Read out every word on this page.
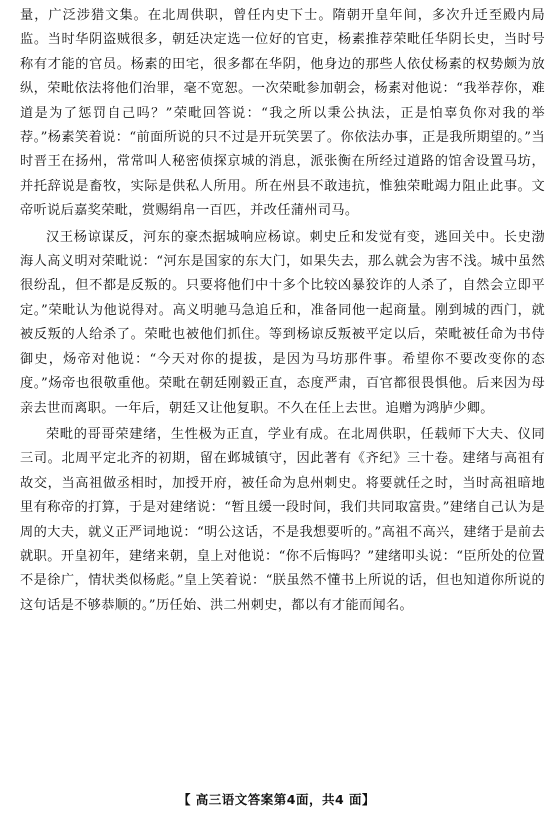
量，广泛涉猎文集。在北周供职，曾任内史下士。隋朝开皇年间，多次升迁至殿内局监。当时华阴盗贼很多，朝廷决定选一位好的官吏，杨素推荐荣毗任华阴长史，当时号称有才能的官员。杨素的田宅，很多都在华阴，他身边的那些人依仗杨素的权势颇为放纵，荣毗依法将他们治罪，毫不宽恕。一次荣毗参加朝会，杨素对他说：“我举荐你，难道是为了惩罚自己吗？”荣毗回答说：“我之所以秉公执法，正是怕辜负你对我的举荐。”杨素笑着说：“前面所说的只不过是开玩笑罢了。你依法办事，正是我所期望的。”当时晋王在扬州，常常叫人秘密侦探京城的消息，派张衡在所经过道路的馆舍设置马坊，并托辞说是畜牧，实际是供私人所用。所在州县不敢违抗，惟独荣毗竭力阻止此事。文帝听说后嘉奖荣毗，赏赐绢帛一百匹，并改任蒲州司马。

汉王杨谅谋反，河东的豪杰据城响应杨谅。刺史丘和发觉有变，逃回关中。长史渤海人高义明对荣毗说：“河东是国家的东大门，如果失去，那么就会为害不浅。城中虽然很纷乱，但不都是反叛的。只要将他们中十多个比较凶暴狡诈的人杀了，自然会立即平定。”荣毗认为他说得对。高义明驰马急追丘和，准备同他一起商量。刚到城的西门，就被反叛的人给杀了。荣毗也被他们抓住。等到杨谅反叛被平定以后，荣毗被任命为书侍御史，炀帝对他说：“今天对你的提拔，是因为马坊那件事。希望你不要改变你的态度。”炀帝也很敬重他。荣毗在朝廷刚毅正直，态度严肃，百官都很畏惧他。后来因为母亲去世而离职。一年后，朝廷又让他复职。不久在任上去世。追赠为鸿胪少卿。

荣毗的哥哥荣建绪，生性极为正直，学业有成。在北周供职，任载师下大夫、仪同三司。北周平定北齐的初期，留在邺城镇守，因此著有《齐纪》三十卷。建绪与高祖有故交，当高祖做丞相时，加授开府，被任命为息州刺史。将要就任之时，当时高祖暗地里有称帝的打算，于是对建绪说：“暂且缓一段时间，我们共同取富贵。”建绪自己认为是周的大夫，就义正严词地说：“明公这话，不是我想要听的。”高祖不高兴，建绪于是前去就职。开皇初年，建绪来朝，皇上对他说：“你不后悔吗？”建绪叩头说：“臣所处的位置不是徐广，情状类似杨彪。”皇上笑着说：“朕虽然不懂书上所说的话，但也知道你所说的这句话是不够恭顺的。”历任始、洪二州刺史，都以有才能而闻名。

【 高三语文答案第4面，共4 面】
